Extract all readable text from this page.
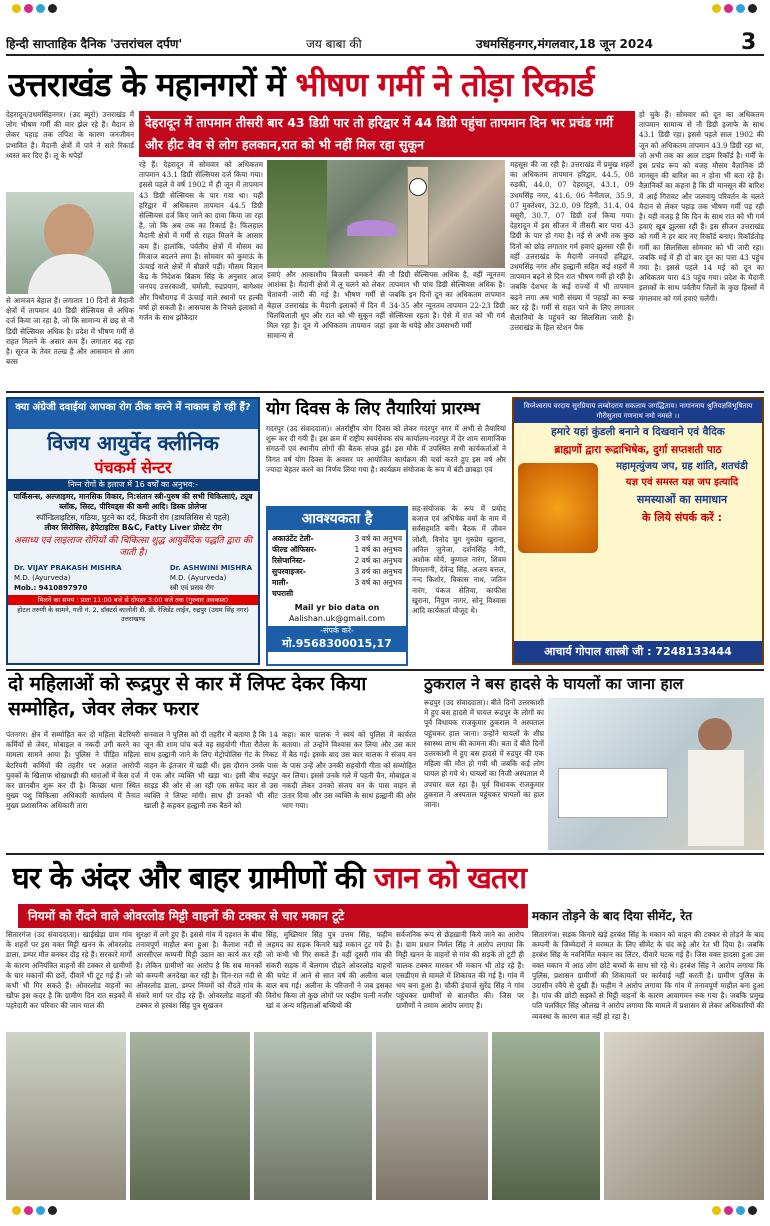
हिन्दी साप्ताहिक दैनिक 'उत्तरांचल दर्पण'	जय बाबा की	उधमसिंहनगर,मंगलवार,18 जून 2024	3
उत्तराखंड के महानगरों में भीषण गर्मी ने तोड़ा रिकार्ड
देहरादून/उधमसिंहनगर। (उद ब्यूरो) उत्तराखंड में लोग भीषण गर्मी की मार झेल रहे हैं। मैदान से लेकर पहाड़ तक तपिश के कारण जनजीवन प्रभावित है। मैदानी क्षेत्रों में पारे ने सारे रिकार्ड ध्वस्त कर दिए हैं। लू के थपेड़ों
से आमजन बेहाल हैं। लगातार 10 दिनों से मैदानी क्षेत्रों में तापमान 40 डिग्री सेल्सियस से अधिक दर्ज किया जा रहा है, जो कि सामान्य से छह से नौ डिग्री सेल्सियस अधिक है। प्रदेश में भीषण गर्मी से राहत मिलने के असार कम हैं। लगातार बढ़ रहा है। सूरज के तेवर तल्ख हैं और आसमान से आग बरस
देहरादून में तापमान तीसरी बार 43 डिग्री पार तो हरिद्वार में 44 डिग्री पहुंचा तापमान दिन भर प्रचंड गर्मी और हीट वेव से लोग हलकान,रात को भी नहीं मिल रहा सुकून
रहे हैं। देहरादून में सोमवार को अधिकतम तापमान 43.1 डिग्री सेल्सियस दर्ज किया गया। इससे पहले वे वर्ष 1902 में ही जून में तापमान 43 डिग्री सेल्सियस के पार गया था। यहीं हरिद्वार में अधिकतम तापमान 44.5 डिग्री सेल्सियस दर्ज किए जाने का दावा किया जा रहा है, जो कि अब तक का रिकार्ड है। फिलहाल मैदानी क्षेत्रों में गर्मी से राहत मिलने के आसार कम हैं। हालांकि, पर्वतीय क्षेत्रों में मौसम का मिजाज बदलने लगा है। सोमवार को कुमाऊं के ऊंचाई वाले क्षेत्रों में बौछारें पड़ीं। मौसम विज्ञान केंद्र के निदेशक बिक्रम सिंह के अनुसार आज जनपद उत्तरकाशी, चमोली, रुद्रप्रयाग, बागेश्वर और पिथौरागढ़ में ऊंचाई वाले स्थानों पर हल्की वर्षा हो सकती है। आसपास के निचले इलाकों में गर्जन के साथ झोंकेदार
हवाएं और आकाशीय बिजली चमकने की आशंका है। मैदानी क्षेत्रों में लू चलने को लेकर चेतावनी जारी की गई है। भीषण गर्मी से बेहाल उत्तराखंड के मैदानी इलाकों में दिन में चिलचिलाती धूप और रात को भी सुकून नहीं मिल रहा है। दून में अधिकतम तापमान जहां सामान्य से
नौ डिग्री सेल्सियस अधिक है, वहीं न्यूनतम तापमान भी पांच डिग्री सेल्सियस अधिक है। जबकि इन दिनों दून का अधिकतम तापमान 34-35 और न्यूनतम तापमान 22-23 डिग्री सेल्सियस रहता है। ऐसे में रात को भी गर्म हवा के थपेड़े और उमसभरी गर्मी
महसूस की जा रही है। उत्तराखंड में प्रमुख शहरों का अधिकतम तापमान हरिद्वार, 44.5, 08 रुड़की, 44.0, 07 देहरादून, 43.1, 09 उधमसिंह नगर, 41.6, 06 नैनीताल, 35.9, 07 मुक्तेश्वर, 32.0, 09 टिहरी, 31.4, 04 मसूरी, 30.7, 07 डिग्री दर्ज किया गया। देहरादून में इस सीजन में तीसरी बार पारा 43 डिग्री के पार हो गया है। नई से अभी तक कुछ दिनों को छोड़ लगातार गर्म हवाएं झुलसा रही हैं। वहीं उत्तराखंड के मैदानी जनपदों हरिद्वार, उधमसिंह नगर और हल्द्वानी सहित कई शहरों में तापमान बढ़ने से दिन रात भीषण गर्मी हो रही है। जबकि देशभर के कई राज्यों में भी तापमान बढ़ने लगा अब भारी संख्या में पहाड़ों का रूख कर रहे हैं। गर्मी से राहत पाने के लिए लगातार सैलानियों के पहुंचने का सिलसिला जारी है। उत्तराखंड के हिल स्टेशन पैक
हो चुके हैं। सोमवार को दून का अधिकतम तापमान सामान्य से नौ डिग्री इजाफे के साथ 43.1 डिग्री रहा। इससे पहले साल 1902 की जून को अधिकतम तापमान 43.9 डिग्री रहा था, जो अभी तक का आल टाइम रिकॉर्ड है। गर्मी के इस प्रचंड रूप को वजह मौसम वैज्ञानिक प्री मानसून की बारिश का न होना भी बता रहे हैं। वैज्ञानिकों का कहना है कि प्री मानसून की बारिश में आई गिरावट और जलवायु परिवर्तन के चलते मैदान से लेकर पहाड़ तक भीषण गर्मी पड़ रही है। यही वजह है कि दिन के साथ रात को भी गर्म हवाएं खूब झुलसा रही हैं। इस सीजन उत्तराखंड को गर्मी ने हर बार नए रिकॉर्ड बनाए। रिकॉर्डतोड़ गर्मी का सिलसिला सोमवार को भी जारी रहा। जबकि मई में ही दो बार दून का पारा 43 पहुंच गया है। इससे पहले 14 मई को दून का अधिकतम पारा 43 पहुंच गया। प्रदेश के मैदानी इलाकों के साथ पर्वतीय जिलों के कुछ हिस्सों में मंगलवार को गर्म हवाएं चलेंगी।
क्या अंग्रेजी दवाईयां आपका रोग ठीक करने में नाकाम हो रही हैं?
विजय आयुर्वेद क्लीनिक
पंचकर्म सेन्टर
निम्न रोगों के इलाज में 16 वर्षों का अनुभव:-
पार्किंसन्स, अल्जाइमर, मानसिक विकार, नि:संतान स्त्री-पुरुष की सभी चिकित्साएं, ट्यूब ब्लॉक, सिस्ट, पीरियड्स की कमी आदि। डिस्क प्रोलेप्स
स्पॉन्डिलाइटिस, गठिया, घुटने का दर्द, किडनी रोग (डायलिसिस से पहले)
लीवर सिरोसिस, हेपेटाइटिस B&C, Fatty Liver प्रोस्टेट रोग
असाध्य एवं लाइलाज रोगियों की चिकित्सा शुद्ध आयुर्वेदिक पद्धति द्वारा की जाती है।
Dr. VIJAY PRAKASH MISHRA
M.D. (Ayurveda)
Mob.: 9410897970
Dr. ASHWINI MISHRA
M.D. (Ayurveda)
स्त्री एवं प्रसव रोग
मिलने का समय : प्रातः 11:00 बजे से दोपहर 3:00 बजे तक (गुरुवार अवकाश)
होटल तरुणी के सामने, गली नं. 2, डॉक्टर्स कालोनी डी. डी. रेजिडेंट लाईन, रुद्रपुर (उधम सिंह नगर) उत्तराखण्ड
योग दिवस के लिए तैयारियां प्रारम्भ
गदरपुर (उद संवाददाता)। अंतर्राष्ट्रीय योग दिवस को लेकर गदरपुर नगर में अभी से तैयारियां शुरू कर दी गयी हैं। इस क्रम में राष्ट्रीय स्वयंसेवक संघ कार्यालय-गदरपुर में देर शाम सामाजिक संगठनों एवं स्थानीय लोगों की बैठक संपन्न हुई। इस मौके में उपस्थित सभी कार्यकर्ताओं ने विगत वर्ष योग दिवस के अवसर पर आयोजित कार्यक्रम की चर्चा करते हुए इस वर्ष और ज्यादा बेहतर करने का निर्णय लिया गया है। कार्यक्रम संयोजक के रूप में बंटी छाबड़ा एवं
सह-संयोजक के रूप में प्रमोद बजाज एवं अभिषेक वर्मा के नाम में सर्वसहमति बनी। बैठक में जीवन जोशी, विनोद चुग गुरुप्रेम खुराना, अनिल जुनेजा, दर्शनसिंह नेगी, अशोक मोर्य, कुणाल नारंग, शिवम मिगलानी, देवेन्द्र सिंह, अजय बत्तल, नन्द किशोर, विकास नाथ, जतिन नारंग, पंकज सेतिया, काफीस खुराना, निपुण नागर, सोनू विश्वास आदि कार्यकर्ता मौजूद थे।
आवश्यकता है
अकाउंटेंट टेली-	3 वर्ष का अनुभव
फील्ड ऑफिसर-	1 वर्ष का अनुभव
रिसेप्शनिस्ट-	2 वर्ष का अनुभव
सुपरवाइजर-	3 वर्ष का अनुभव
माली-	3 वर्ष का अनुभव
चपरासी
Mail yr bio data on
Aalishan.uk@gmail.com
-संपर्क करें-
मो.9568300015,17
विघ्नेश्वराय वरदाय सुरप्रियाय लम्बोदराय सकलाय जगद्धिताय। नागाननाय श्रुतियज्ञविभूषिताय गौरीसुताय गणनाथ नमो नमस्ते ।।
हमारे यहां कुंडली बनाने व दिखवाने एवं वैदिक
ब्राह्मणों द्वारा रूद्राभिषेक, दुर्गा सप्तशती पाठ
महामृत्युंजय जप, ग्रह शांति, शतचंडी
यज्ञ एवं समस्त यज्ञ जप इत्यादि
समस्याओं का समाधान
के लिये संपर्क करें :
आचार्य गोपाल शास्त्री जी : 7248133444
दो महिलाओं को रूद्रपुर से कार में लिफ्ट देकर किया सम्मोहित, जेवर लेकर फरार
पंतनगर। क्षेत्र में सम्मोहित कर दो महिला बेटरियरी कर्मियों से जेवर, मोबाइल व नकदी उगी करने का मामला सामने आया है। पुलिस ने पीड़ित महिला बेटरियरी कर्मियों की तहरीर पर अज्ञात आरोपी युवकों के खिलाफ धोखाधड़ी की धाराओं में केस दर्ज कर छानबीन शुरू कर दी है। किच्छा थाना स्थित मुख्य पशु चिकित्सा अधिकारी कार्यालय में तैनात मुख्य प्रशासनिक अधिकारी तारा
सनवाल ने पुलिस को दी तहरीर में बताया है कि 14 जून की शाम पांच बजे वह सहयोगी गीता रौतेला के साथ हल्द्वानी जाने के लिए मेट्रोपोलिस गेट के निकट वाहन के इंतजार में खड़ी थीं। इस दौरान उनके पास में एक और व्यक्ति भी खड़ा था। इसी बीच रुद्रपुर साइड की ओर से आ रही एक सफेद कार से उस व्यक्ति ने लिफ्ट मांगी। साथ ही उनको भी सीट खाली है कहकर हल्द्वानी तक बैठने को
कहा। कार चालक ने स्वयं को पुलिस में कार्यरत बताया। तो उन्होंने विश्वास कर लिया और उस कार में बैठ गई। इसके बाद उस कार चालक ने संजय वन के पास उन्हें और उनकी सहयोगी गीता को सम्मोहित कर लिया। इससे उनके गले में पहनी चैन, मोबाइल व नकदी लेकर उनको संजय वन के पास वाहन से उतार दिया और उस व्यक्ति के साथ हल्द्वानी की ओर भाग गया।
ठुकराल ने बस हादसे के घायलों का जाना हाल
रूद्रपुर (उद संवाददाता)। बीते दिनों उत्तरकाशी में हुए बस हादसे में घायल रूद्रपुर के लोगों का पूर्व विधायक राजकुमार ठुकराल ने अस्पताल पहुंचकर हाल जाना। उन्होंने घायलों के शीघ्र स्वास्थ्य लाभ की कामना की। बता दें बीते दिनों उत्तरकाशी में हुए बस हादसे में रुद्रपुर की एक महिला की मौत हो गयी थी जबकि कई लोग घायल हो गये थे। घायलों का निजी अस्पताल में उपचार चल रहा है। पूर्व विधायक राजकुमार ठुकराल ने अस्पताल पहुंचकर घायलों का हाल जाना।
घर के अंदर और बाहर ग्रामीणों की जान को खतरा
नियमों को रौंदने वाले ओवरलोड मिट्टी वाहनों की टक्कर से चार मकान टूटे	मकान तोड़ने के बाद दिया सीमेंट, रेत
सितारगंज (उद संवाददाता)। खाईखेड़ा ग्राम गांव के शहरों पर इस वक्त मिट्टी खनन के ओवरलोड डाला, डम्पर मौत बनकर दौड़ रहे हैं। सरकारे मार्गों के कारण अनियंत्रित वाहनों की टक्कर से ग्रामीणों के चार मकानों की छतें, दीवारें भी टूट गई हैं। जो कभी भी गिर सकते हैं। ओवरलोड वाहनों का खौफ इस कदर है कि ग्रामीण दिन रात सड़कों में पहरेदारी कर परिवार की जान माल की
सुरक्षा में लगे हुए हैं। इससे गांव में दहशत के बीच तनावपूर्ण माहौल बना हुआ है। कैलाश नदी से आरसीएल कम्पनी मिट्टी उठान का कार्य कर रही है। लेकिन ग्रामीणों का आरोप है कि सब मानकों को कम्पनी अनदेखा कर रही है। दिन-रात नदी से ओवरलोड डाला, डम्पर नियमों को रौंदते गांव के संकरे मार्ग पर दौड़ रहे हैं। ओवरलोड वाहनों की टक्कर से हरबंश सिंह पुत्र सुखजन
सिंह, मुख्तियार सिंह पुत्र उत्तम सिंह, फहीम अहमद का सड़क किनारे खड़े मकान टूट गये हैं। जो कभी भी गिर सकते हैं। वहीं दूसरी गांव की संकरी सड़क में बेलगाम दौड़ते ओवरलोड वाहनों की चपेट में आने से सात वर्ष की अलीना बाल बाल बच गई। अलीना के परिजनों ने जब इसका विरोध किया तो कुछ लोगों पर फहीम पत्नी नजीर खां व अन्य महिलाओं बच्चियों की
सर्वजनिक रूप से छेड़ख़ानी किये जाने का आरोप है। ग्राम प्रधान निर्मल सिंह ने आरोप लगाया कि मिट्टी खनन के वाहनों से गांव की सड़कें तो टूटी ही चालक टक्कर मारकर भी मकान भी तोड़ रहे हैं। एसडीएम से मामले में शिकायत की गई है। गांव में भय बना हुआ है। चौकी इंचार्ज सुरेंद्र सिंह ने गांव पहुंचकर ग्रामीणों से बातचीत की। जिस पर ग्रामीणों ने तमाम आरोप लगाए हैं।
सितारगंज। सड़क किनारे खड़े हरबंश सिंह के मकान को वाहन की टक्कर से तोड़ने के बाद कम्पनी के जिम्मेदारों ने मरम्मत के लिए सीमेंट के चंद कट्टे और रेत भी दिया है। जबकि हरबंश सिंह के नवनिर्मित मकान का लिंटर, दीवारें चटक गई हैं। जिस वक्त हादसा हुआ उस वक्त मकान में आठ लोग छोटे बच्चों के साथ सो रहे थे। हरबंश सिंह ने आरोप लगाया कि पुलिस, प्रशासन ग्रामीणों की शिकायतों पर कार्रवाई नहीं करती है। ग्रामीण पुलिस के उदासीन रवैये से दुखी हैं। फहीम ने आरोप लगाया कि गांव में तनावपूर्ण माहौल बना हुआ है। गांव की छोटी सड़कों से मिट्टी वाहनों के कारण आवागमन रुक गया है। जबकि प्रमुख पति पलविंदर सिंह औलख ने आरोप लगाया कि मामले में प्रशासन से लेकर अधिकारियों की व्यवस्था के कारण बात नहीं हो रहा है।
